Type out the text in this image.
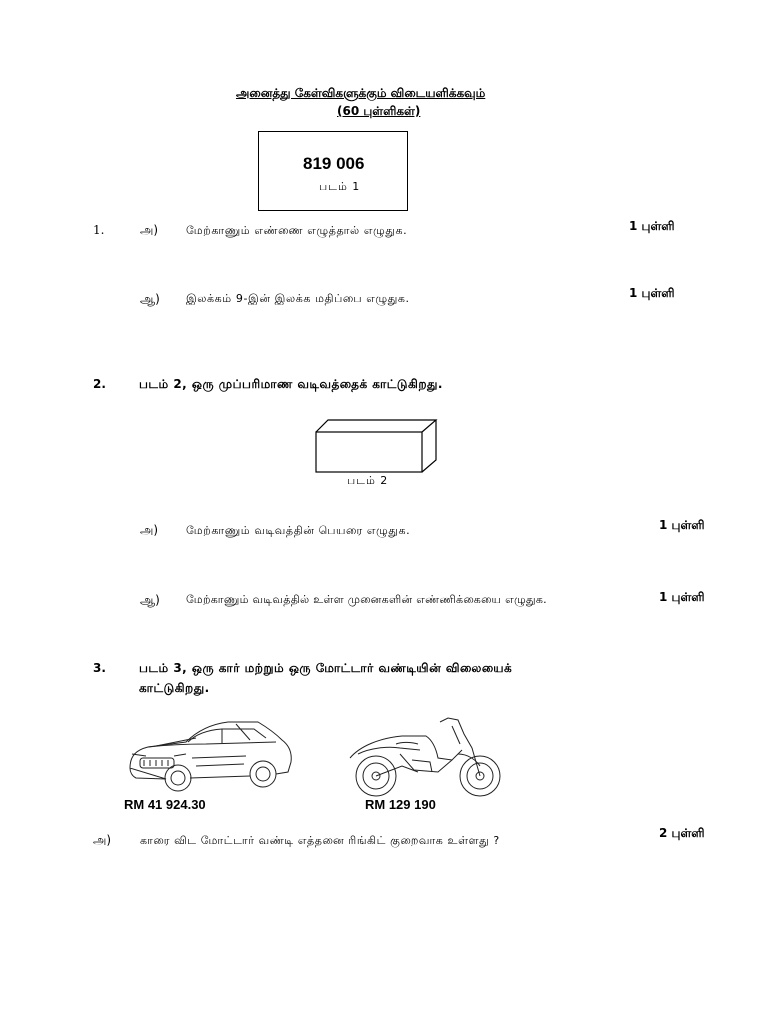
அனைத்து கேள்விகளுக்கும் விடையளிக்கவும்
(60 புள்ளிகள்)
819 006
படம் 1
1.	அ)	மேற்காணும் எண்ணை எழுத்தால் எழுதுக.	1 புள்ளி
ஆ) இலக்கம் 9-இன் இலக்க மதிப்பை எழுதுக.	1 புள்ளி
2.	படம் 2, ஒரு முப்பரிமாண வடிவத்தைக் காட்டுகிறது.
படம் 2
அ)	மேற்காணும் வடிவத்தின் பெயரை எழுதுக.	1 புள்ளி
ஆ) மேற்காணும் வடிவத்தில் உள்ள முனைகளின் எண்ணிக்கையை எழுதுக.	1 புள்ளி
3.	படம் 3, ஒரு கார் மற்றும் ஒரு மோட்டார் வண்டியின் விலையைக்
காட்டுகிறது.
RM 41 924.30	RM 129 190
அ)	காரை விட மோட்டார் வண்டி எத்தனை ரிங்கிட் குறைவாக உள்ளது ?
2 புள்ளி
